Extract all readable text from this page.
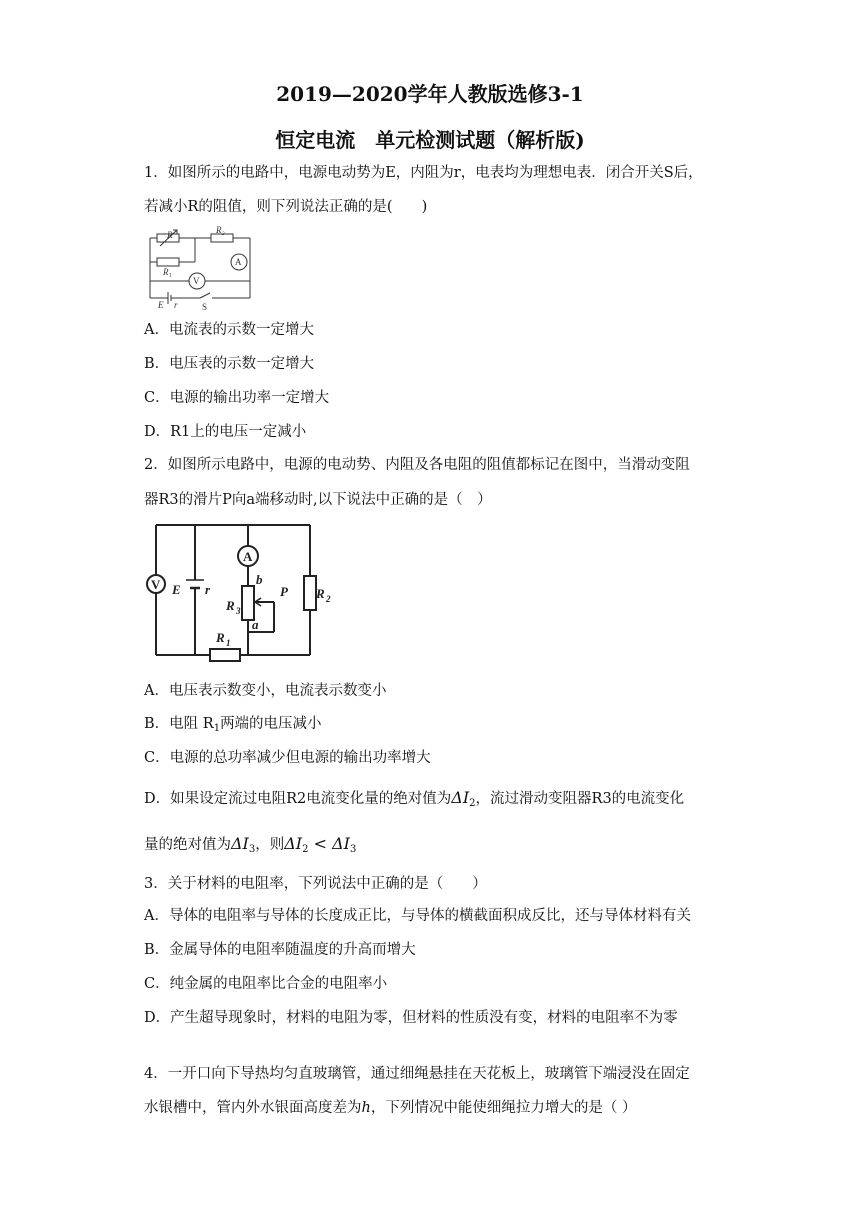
2019—2020学年人教版选修3-1
恒定电流　单元检测试题（解析版)
1．如图所示的电路中，电源电动势为E，内阻为r，电表均为理想电表．闭合开关S后，
若减小R的阻值，则下列说法正确的是(　　)
R	R₂
R₁
V
A
E r	S
A．电流表的示数一定增大
B．电压表的示数一定增大
C．电源的输出功率一定增大
D．R1上的电压一定减小
2．如图所示电路中，电源的电动势、内阻及各电阻的阻值都标记在图中，当滑动变阻
器R3的滑片P向a端移动时,以下说法中正确的是（　）
V E r
A
b
a
P
R 3
R 2
R 1
A．电压表示数变小，电流表示数变小
B．电阻 $R_1$两端的电压减小
C．电源的总功率减少但电源的输出功率增大
D．如果设定流过电阻R2电流变化量的绝对值为$\Delta I_2$，流过滑动变阻器R3的电流变化
量的绝对值为$\Delta I_3$，则$\Delta I_2 < \Delta I_3$
3．关于材料的电阻率，下列说法中正确的是（　　）
A．导体的电阻率与导体的长度成正比，与导体的横截面积成反比，还与导体材料有关
B．金属导体的电阻率随温度的升高而增大
C．纯金属的电阻率比合金的电阻率小
D．产生超导现象时，材料的电阻为零，但材料的性质没有变，材料的电阻率不为零
4．一开口向下导热均匀直玻璃管，通过细绳悬挂在天花板上，玻璃管下端浸没在固定
水银槽中，管内外水银面高度差为h，下列情况中能使细绳拉力增大的是（ ）
